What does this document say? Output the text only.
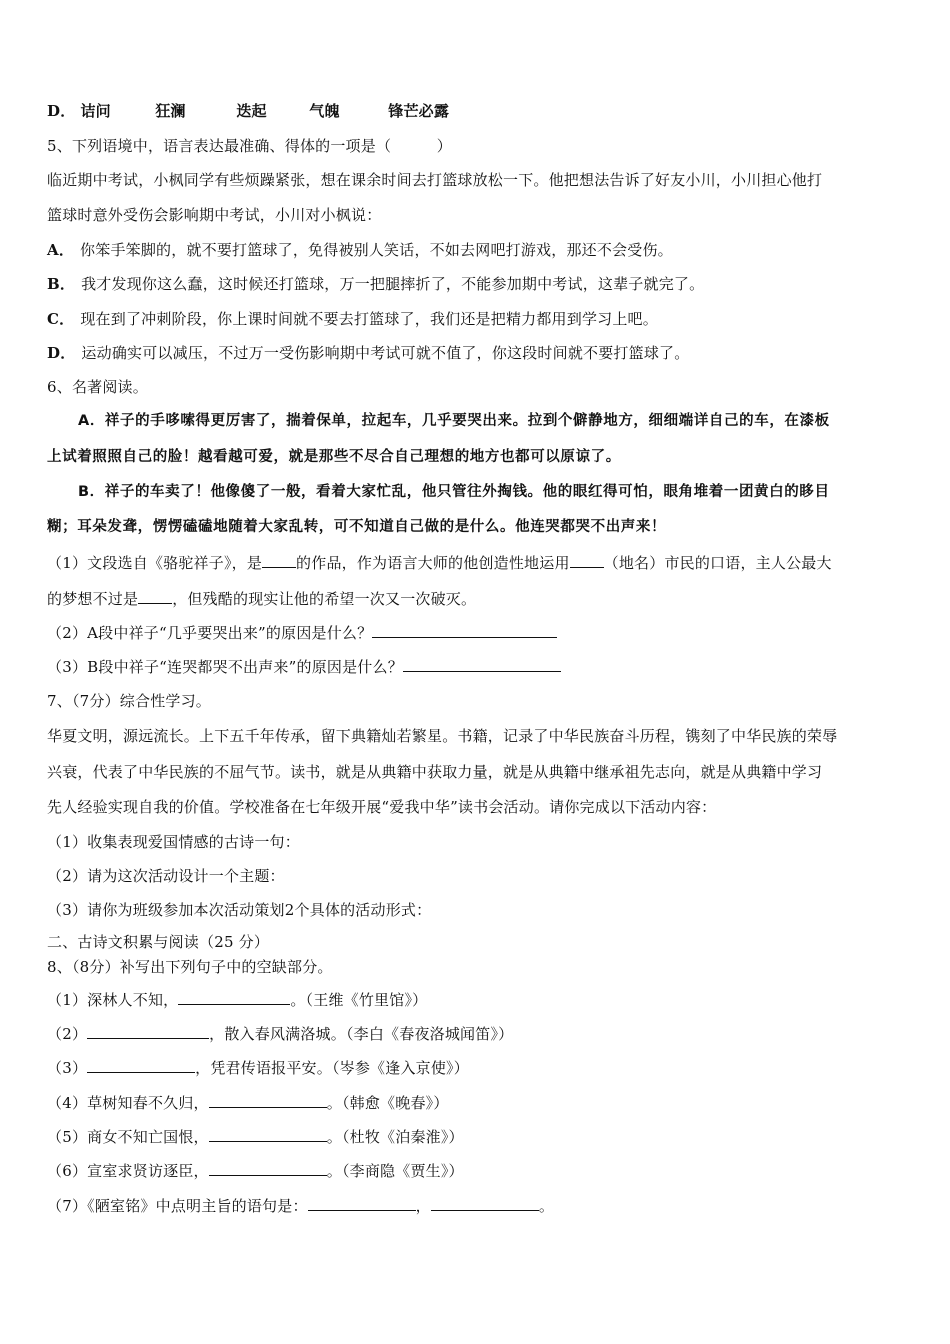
D． 诘问	狂澜	迭起	气魄	锋芒必露
5、下列语境中，语言表达最准确、得体的一项是（　　　）
临近期中考试，小枫同学有些烦躁紧张，想在课余时间去打篮球放松一下。他把想法告诉了好友小川，小川担心他打
篮球时意外受伤会影响期中考试，小川对小枫说：
A． 你笨手笨脚的，就不要打篮球了，免得被别人笑话，不如去网吧打游戏，那还不会受伤。
B． 我才发现你这么蠢，这时候还打篮球，万一把腿摔折了，不能参加期中考试，这辈子就完了。
C． 现在到了冲刺阶段，你上课时间就不要去打篮球了，我们还是把精力都用到学习上吧。
D． 运动确实可以减压，不过万一受伤影响期中考试可就不值了，你这段时间就不要打篮球了。
6、名著阅读。
A．祥子的手哆嗦得更厉害了，揣着保单，拉起车，几乎要哭出来。拉到个僻静地方，细细端详自己的车，在漆板
上试着照照自己的脸！越看越可爱，就是那些不尽合自己理想的地方也都可以原谅了。
B．祥子的车卖了！他像傻了一般，看着大家忙乱，他只管往外掏钱。他的眼红得可怕，眼角堆着一团黄白的眵目
糊；耳朵发聋，愣愣磕磕地随着大家乱转，可不知道自己做的是什么。他连哭都哭不出声来！
（1）文段选自《骆驼祥子》，是 的作品，作为语言大师的他创造性地运用 （地名）市民的口语，主人公最大
的梦想不过是 ，但残酷的现实让他的希望一次又一次破灭。
（2）A段中祥子“几乎要哭出来”的原因是什么？
（3）B段中祥子“连哭都哭不出声来”的原因是什么？
7、（7分）综合性学习。
华夏文明，源远流长。上下五千年传承，留下典籍灿若繁星。书籍，记录了中华民族奋斗历程，镌刻了中华民族的荣辱
兴衰，代表了中华民族的不屈气节。读书，就是从典籍中获取力量，就是从典籍中继承祖先志向，就是从典籍中学习
先人经验实现自我的价值。学校准备在七年级开展“爱我中华”读书会活动。请你完成以下活动内容：
（1）收集表现爱国情感的古诗一句：
（2）请为这次活动设计一个主题：
（3）请你为班级参加本次活动策划2个具体的活动形式：
二、古诗文积累与阅读（25 分）
8、（8分）补写出下列句子中的空缺部分。
（1）深林人不知，	。（王维《竹里馆》）
（2）	，散入春风满洛城。（李白《春夜洛城闻笛》）
（3）	，凭君传语报平安。（岑参《逢入京使》）
（4）草树知春不久归，	。（韩愈《晚春》）
（5）商女不知亡国恨，	。（杜牧《泊秦淮》）
（6）宣室求贤访逐臣，	。（李商隐《贾生》）
（7）《陋室铭》中点明主旨的语句是：	，	。
